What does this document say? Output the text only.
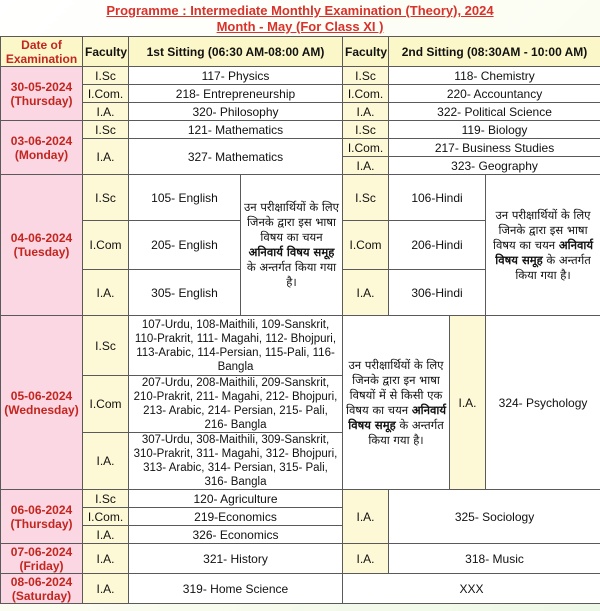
Programme : Intermediate Monthly Examination (Theory), 2024
Month - May (For Class XI )
Date of Examination	Faculty	1st Sitting (06:30 AM-08:00 AM)		Faculty	2nd Sitting (08:30AM - 10:00 AM)		

30-05-2024
(Thursday)	I.Sc	117- Physics		I.Sc	118- Chemistry		
	I.Com.	218- Entrepreneurship		I.Com.	220- Accountancy		
	I.A.	320- Philosophy		I.A.	322- Political Science		

03-06-2024
(Monday)	I.Sc	121- Mathematics		I.Sc	119- Biology		
	I.A.	327- Mathematics		I.Com.	217- Business Studies		
				I.A.	323- Geography		

04-06-2024
(Tuesday)	I.Sc	105- English	उन परीक्षार्थियों के लिए जिनके द्वारा इस भाषा विषय का चयन अनिवार्य विषय समूह के अन्तर्गत किया गया है।	I.Sc	106-Hindi		उन परीक्षार्थियों के लिए जिनके द्वारा इस भाषा विषय का चयन अनिवार्य विषय समूह के अन्तर्गत किया गया है।
	I.Com	205- English		I.Com	206-Hindi		
	I.A.	305- English		I.A.	306-Hindi		

05-06-2024
(Wednesday)	I.Sc	107-Urdu, 108-Maithili, 109-Sanskrit, 110-Prakrit, 111- Magahi, 112- Bhojpuri, 113-Arabic, 114-Persian, 115-Pali, 116- Bangla		उन परीक्षार्थियों के लिए जिनके द्वारा इन भाषा विषयों में से किसी एक विषय का चयन अनिवार्य विषय समूह के अन्तर्गत किया गया है।		I.A.	324- Psychology
	I.Com	207-Urdu, 208-Maithili, 209-Sanskrit, 210-Prakrit, 211- Magahi, 212- Bhojpuri, 213- Arabic, 214- Persian, 215- Pali, 216- Bangla					
	I.A.	307-Urdu, 308-Maithili, 309-Sanskrit, 310-Prakrit, 311- Magahi, 312- Bhojpuri, 313- Arabic, 314- Persian, 315- Pali, 316- Bangla					

06-06-2024
(Thursday)	I.Sc	120- Agriculture		I.A.	325- Sociology		
	I.Com.	219-Economics					
	I.A.	326- Economics					

07-06-2024
(Friday)	I.A.	321- History		I.A.	318- Music		

08-06-2024
(Saturday)	I.A.	319- Home Science		XXX			
